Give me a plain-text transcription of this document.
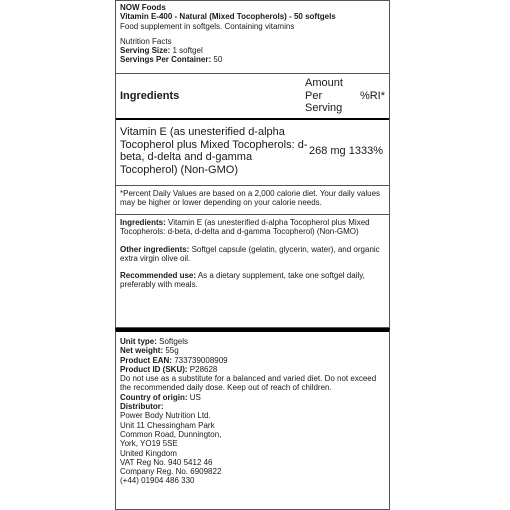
NOW Foods
Vitamin E-400 - Natural (Mixed Tocopherols) - 50 softgels
Food supplement in softgels. Containing vitamins
Nutrition Facts
Serving Size: 1 softgel
Servings Per Container: 50
Ingredients
Amount Per Serving
%RI*
Vitamin E (as unesterified d-alpha Tocopherol plus Mixed Tocopherols: d-beta, d-delta and d-gamma Tocopherol) (Non-GMO)
268 mg 1333%
*Percent Daily Values are based on a 2,000 calorie diet. Your daily values may be higher or lower depending on your calorie needs.
Ingredients: Vitamin E (as unesterified d-alpha Tocopherol plus Mixed Tocopherols: d-beta, d-delta and d-gamma Tocopherol) (Non-GMO)
Other ingredients: Softgel capsule (gelatin, glycerin, water), and organic extra virgin olive oil.
Recommended use: As a dietary supplement, take one softgel daily, preferably with meals.
Unit type: Softgels
Net weight: 55g
Product EAN: 733739008909
Product ID (SKU): P28628
Do not use as a substitute for a balanced and varied diet. Do not exceed the recommended daily dose. Keep out of reach of children.
Country of origin: US
Distributor:
Power Body Nutrition Ltd.
Unit 11 Chessingham Park
Common Road, Dunnington,
York, YO19 5SE
United Kingdom
VAT Reg No. 940 5412 46
Company Reg. No. 6909822
(+44) 01904 486 330
